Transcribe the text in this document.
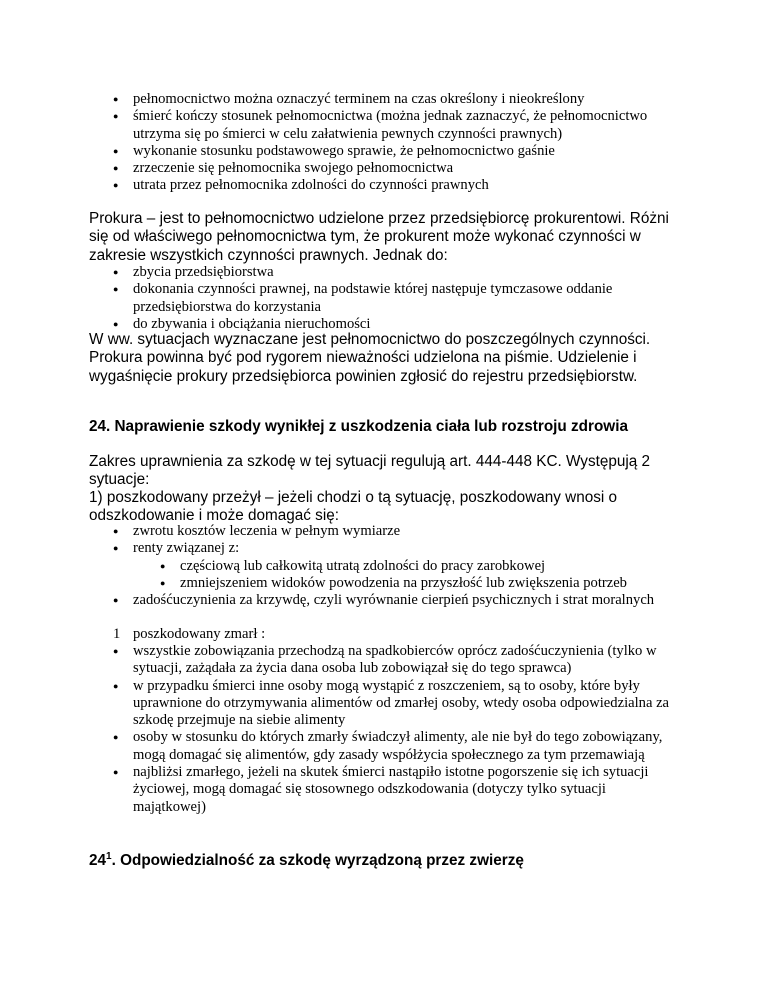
● pełnomocnictwo można oznaczyć terminem na czas określony i nieokreślony
● śmierć kończy stosunek pełnomocnictwa (można jednak zaznaczyć, że pełnomocnictwo utrzyma się po śmierci w celu załatwienia pewnych czynności prawnych)
● wykonanie stosunku podstawowego sprawie, że pełnomocnictwo gaśnie
● zrzeczenie się pełnomocnika swojego pełnomocnictwa
● utrata przez pełnomocnika zdolności do czynności prawnych
Prokura – jest to pełnomocnictwo udzielone przez przedsiębiorcę prokurentowi. Różni się od właściwego pełnomocnictwa tym, że prokurent może wykonać czynności w zakresie wszystkich czynności prawnych. Jednak do:
● zbycia przedsiębiorstwa
● dokonania czynności prawnej, na podstawie której następuje tymczasowe oddanie przedsiębiorstwa do korzystania
● do zbywania i obciążania nieruchomości
W ww. sytuacjach wyznaczane jest pełnomocnictwo do poszczególnych czynności. Prokura powinna być pod rygorem nieważności udzielona na piśmie. Udzielenie i wygaśnięcie prokury przedsiębiorca powinien zgłosić do rejestru przedsiębiorstw.
24. Naprawienie szkody wynikłej z uszkodzenia ciała lub rozstroju zdrowia
Zakres uprawnienia za szkodę w tej sytuacji regulują art. 444-448 KC. Występują 2 sytuacje:
1) poszkodowany przeżył – jeżeli chodzi o tą sytuację, poszkodowany wnosi o odszkodowanie i może domagać się:
● zwrotu kosztów leczenia w pełnym wymiarze
● renty związanej z:
● częściową lub całkowitą utratą zdolności do pracy zarobkowej
● zmniejszeniem widoków powodzenia na przyszłość lub zwiększenia potrzeb
● zadośćuczynienia za krzywdę, czyli wyrównanie cierpień psychicznych i strat moralnych
1 poszkodowany zmarł :
● wszystkie zobowiązania przechodzą na spadkobierców oprócz zadośćuczynienia (tylko w sytuacji, zażądała za życia dana osoba lub zobowiązał się do tego sprawca)
● w przypadku śmierci inne osoby mogą wystąpić z roszczeniem, są to osoby, które były uprawnione do otrzymywania alimentów od zmarłej osoby, wtedy osoba odpowiedzialna za szkodę przejmuje na siebie alimenty
● osoby w stosunku do których zmarły świadczył alimenty, ale nie był do tego zobowiązany, mogą domagać się alimentów, gdy zasady współżycia społecznego za tym przemawiają
● najbliżsi zmarłego, jeżeli na skutek śmierci nastąpiło istotne pogorszenie się ich sytuacji życiowej, mogą domagać się stosownego odszkodowania (dotyczy tylko sytuacji majątkowej)
$24^1$. Odpowiedzialność za szkodę wyrządzoną przez zwierzę
